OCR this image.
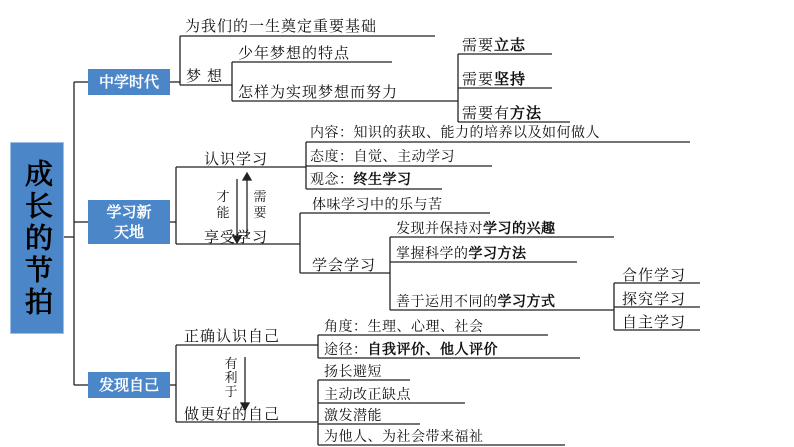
成长的节拍
中学时代
为我们的一生奠定重要基础
梦想
少年梦想的特点
怎样为实现梦想而努力
需要立志
需要坚持
需要有方法
学习新
天地
认识学习
内容：知识的获取、能力的培养以及如何做人
态度：自觉、主动学习
观念：终生学习
才
能
需
要
享受学习
体味学习中的乐与苦
学会学习
发现并保持对学习的兴趣
掌握科学的学习方法
善于运用不同的学习方式
合作学习
探究学习
自主学习
发现自己
正确认识自己	角度：生理、心理、社会
途径：自我评价、他人评价
有
利
于
做更好的自己
扬长避短
主动改正缺点
激发潜能
为他人、为社会带来福祉
